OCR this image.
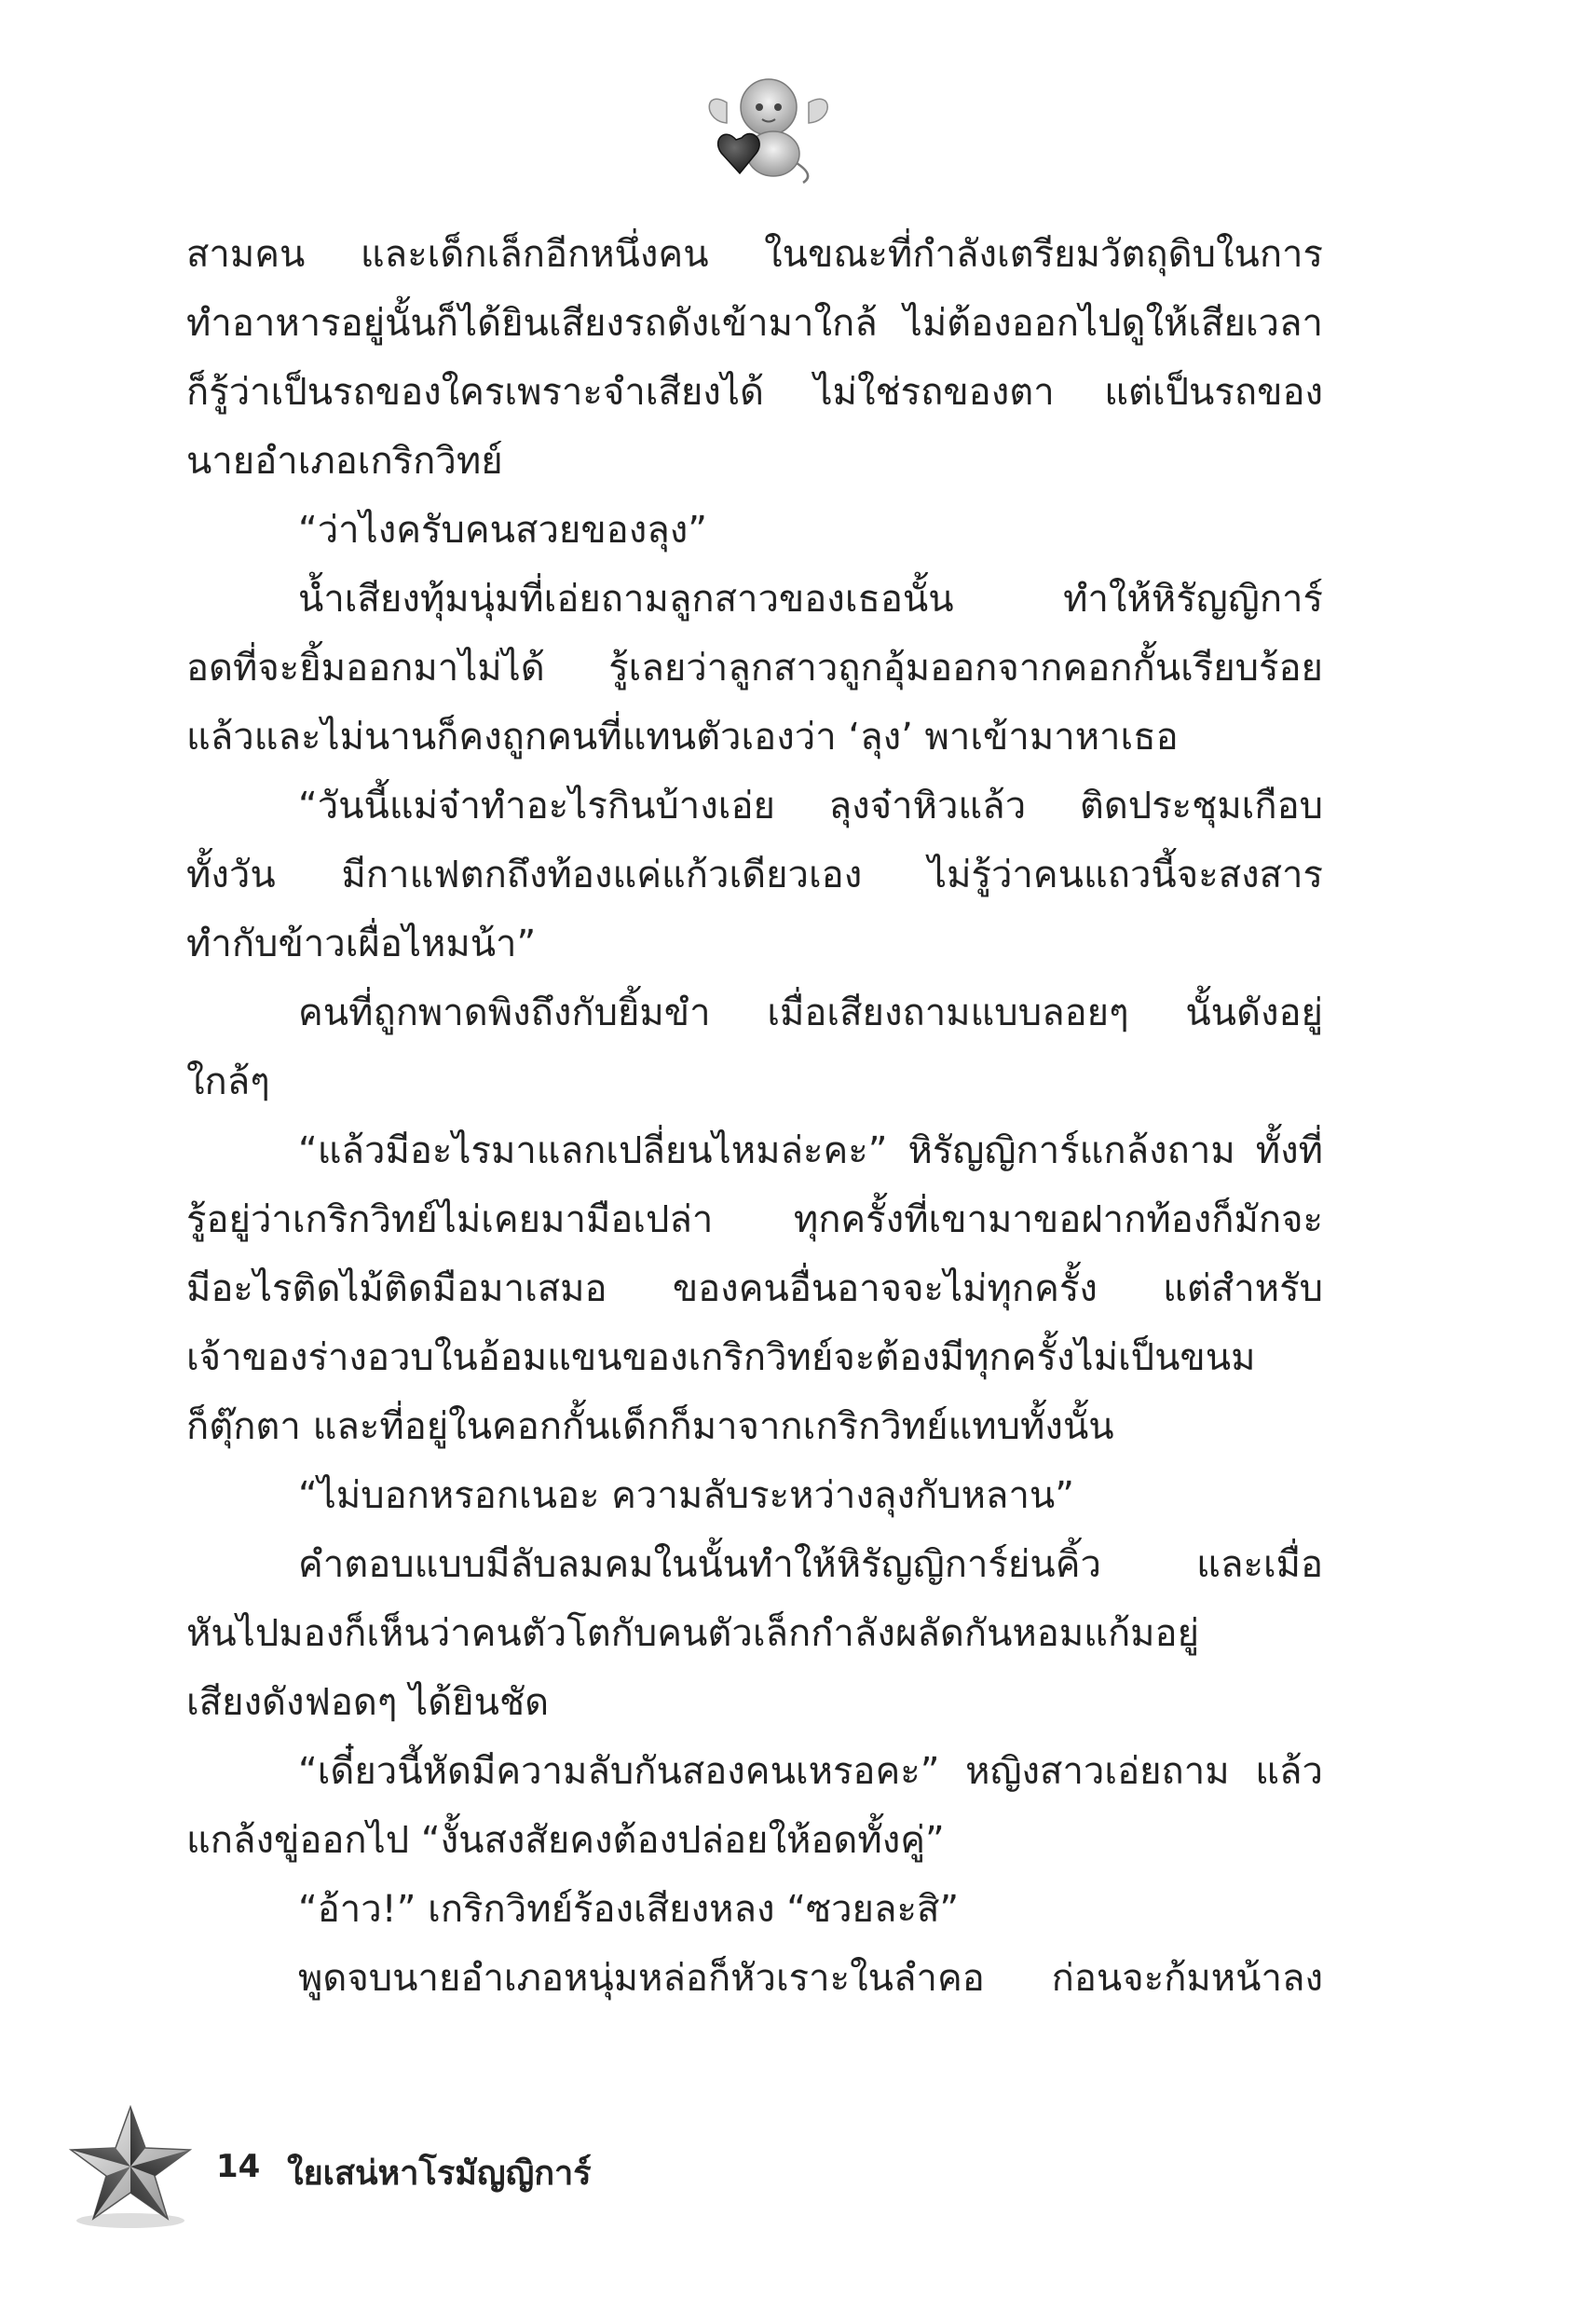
สามคน และเด็กเล็กอีกหนึ่งคน ในขณะที่กำลังเตรียมวัตถุดิบในการ
ทำอาหารอยู่นั้นก็ได้ยินเสียงรถดังเข้ามาใกล้ ไม่ต้องออกไปดูให้เสียเวลา
ก็รู้ว่าเป็นรถของใครเพราะจำเสียงได้ ไม่ใช่รถของตา แต่เป็นรถของ
นายอำเภอเกริกวิทย์
“ว่าไงครับคนสวยของลุง”
น้ำเสียงทุ้มนุ่มที่เอ่ยถามลูกสาวของเธอนั้น ทำให้หิรัญญิการ์
อดที่จะยิ้มออกมาไม่ได้ รู้เลยว่าลูกสาวถูกอุ้มออกจากคอกกั้นเรียบร้อย
แล้วและไม่นานก็คงถูกคนที่แทนตัวเองว่า ‘ลุง’ พาเข้ามาหาเธอ
“วันนี้แม่จ๋าทำอะไรกินบ้างเอ่ย ลุงจ๋าหิวแล้ว ติดประชุมเกือบ
ทั้งวัน มีกาแฟตกถึงท้องแค่แก้วเดียวเอง ไม่รู้ว่าคนแถวนี้จะสงสาร
ทำกับข้าวเผื่อไหมน้า”
คนที่ถูกพาดพิงถึงกับยิ้มขำ เมื่อเสียงถามแบบลอยๆ นั้นดังอยู่
ใกล้ๆ
“แล้วมีอะไรมาแลกเปลี่ยนไหมล่ะคะ” หิรัญญิการ์แกล้งถาม ทั้งที่
รู้อยู่ว่าเกริกวิทย์ไม่เคยมามือเปล่า ทุกครั้งที่เขามาขอฝากท้องก็มักจะ
มีอะไรติดไม้ติดมือมาเสมอ ของคนอื่นอาจจะไม่ทุกครั้ง แต่สำหรับ
เจ้าของร่างอวบในอ้อมแขนของเกริกวิทย์จะต้องมีทุกครั้งไม่เป็นขนม
ก็ตุ๊กตา และที่อยู่ในคอกกั้นเด็กก็มาจากเกริกวิทย์แทบทั้งนั้น
“ไม่บอกหรอกเนอะ ความลับระหว่างลุงกับหลาน”
คำตอบแบบมีลับลมคมในนั้นทำให้หิรัญญิการ์ย่นคิ้ว และเมื่อ
หันไปมองก็เห็นว่าคนตัวโตกับคนตัวเล็กกำลังผลัดกันหอมแก้มอยู่
เสียงดังฟอดๆ ได้ยินชัด
“เดี๋ยวนี้หัดมีความลับกันสองคนเหรอคะ” หญิงสาวเอ่ยถาม แล้ว
แกล้งขู่ออกไป “งั้นสงสัยคงต้องปล่อยให้อดทั้งคู่”
“อ้าว!” เกริกวิทย์ร้องเสียงหลง “ซวยละสิ”
พูดจบนายอำเภอหนุ่มหล่อก็หัวเราะในลำคอ ก่อนจะก้มหน้าลง
14 ใยเสน่หาโรมัญญิการ์
